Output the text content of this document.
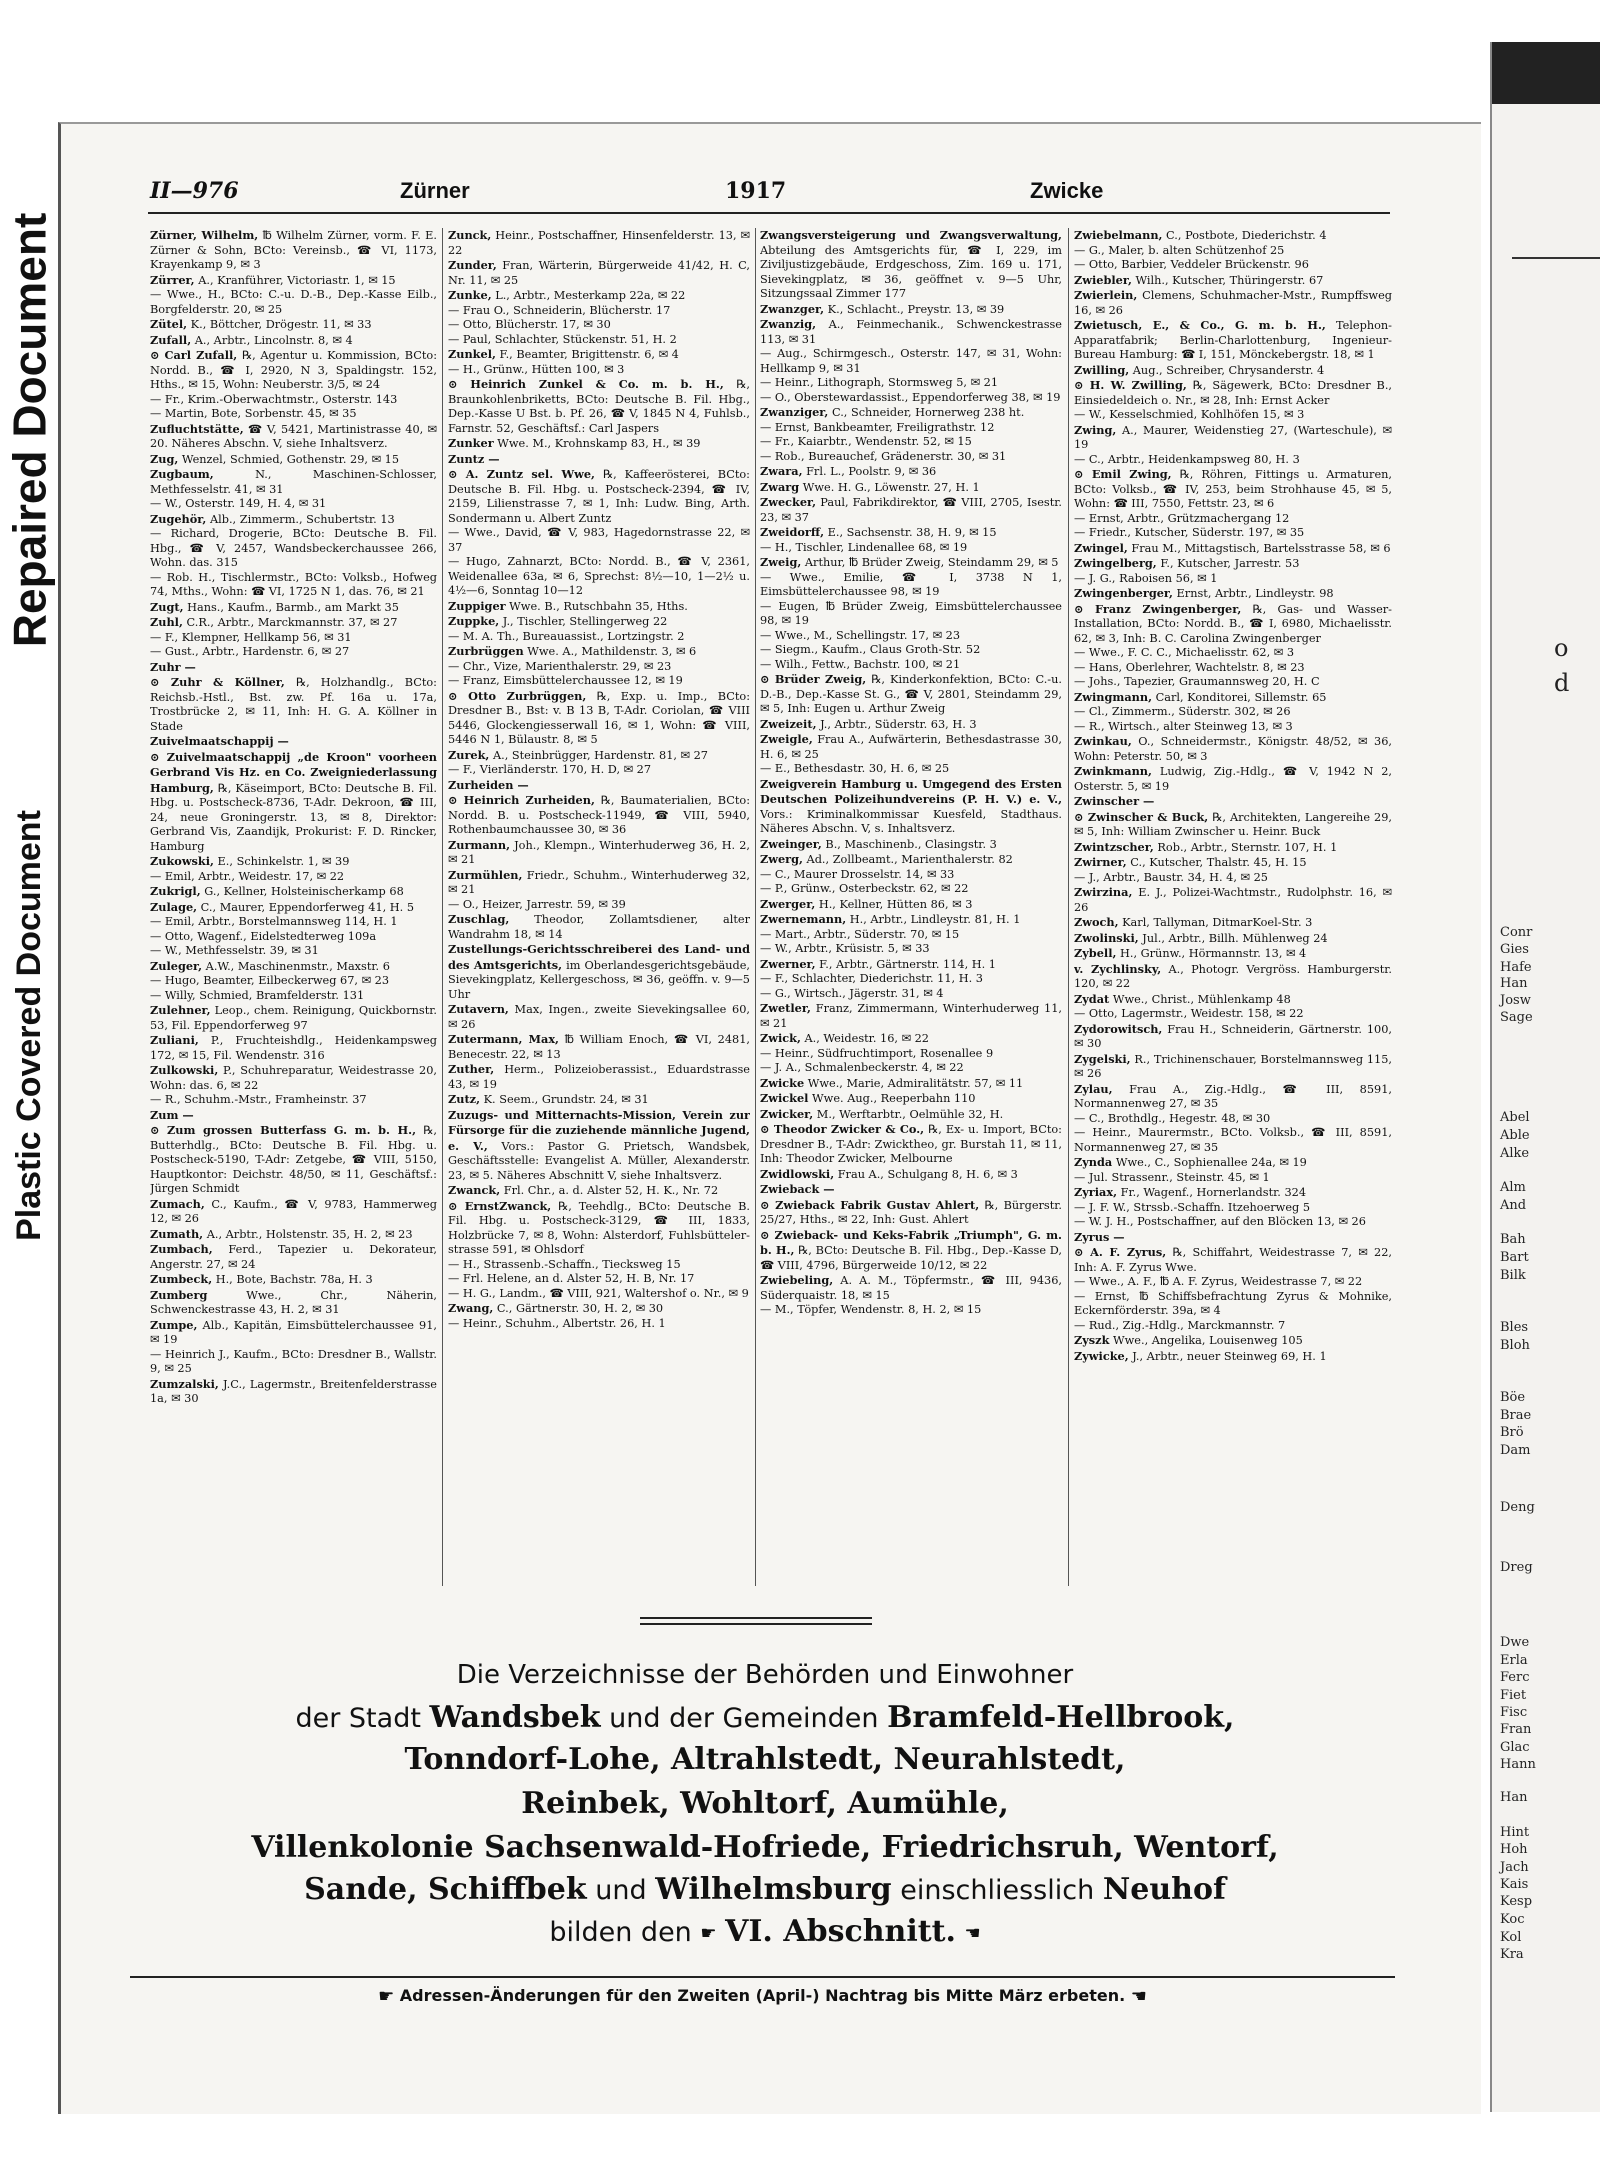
Repaired Document
Plastic Covered Document
o
d
Conr
Gies
Hafe
Han
Josw
Sage
Abel
Able
Alke
Alm
And
Bah
Bart
Bilk
Bles
Bloh
Böe
Brae
Brö
Dam
Deng
Dreg
Dwe
Erla
Ferc
Fiet
Fisc
Fran
Glac
Hann
Han
Hint
Hoh
Jach
Kais
Kesp
Koc
Kol
Kra
II—976	Zürner	1917	Zwicke

Zürner, Wilhelm, ℔ Wilhelm Zürner, vorm. F. E. Zürner & Sohn, BCto: Vereinsb., ☎ VI, 1173, Krayenkamp 9, ✉ 3

Zürrer, A., Kranführer, Victoriastr. 1, ✉ 15

— Wwe., H., BCto: C.-u. D.-B., Dep.-Kasse Eilb., Borgfelderstr. 20, ✉ 25

Zütel, K., Böttcher, Drögestr. 11, ✉ 33

Zufall, A., Arbtr., Lincolnstr. 8, ✉ 4

⊙ Carl Zufall, ℞, Agentur u. Kommission, BCto: Nordd. B., ☎ I, 2920, N 3, Spaldingstr. 152, Hths., ✉ 15, Wohn: Neuberstr. 3/5, ✉ 24

— Fr., Krim.-Oberwachtmstr., Osterstr. 143

— Martin, Bote, Sorbenstr. 45, ✉ 35

Zufluchtstätte, ☎ V, 5421, Martinistrasse 40, ✉ 20. Näheres Abschn. V, siehe Inhaltsverz.

Zug, Wenzel, Schmied, Gothenstr. 29, ✉ 15

Zugbaum, N., Maschinen-Schlosser, Methfesselstr. 41, ✉ 31

— W., Osterstr. 149, H. 4, ✉ 31

Zugehör, Alb., Zimmerm., Schubertstr. 13

— Richard, Drogerie, BCto: Deutsche B. Fil. Hbg., ☎ V, 2457, Wandsbeckerchaussee 266, Wohn. das. 315

— Rob. H., Tischlermstr., BCto: Volksb., Hofweg 74, Mths., Wohn: ☎ VI, 1725 N 1, das. 76, ✉ 21

Zugt, Hans., Kaufm., Barmb., am Markt 35

Zuhl, C.R., Arbtr., Marckmannstr. 37, ✉ 27

— F., Klempner, Hellkamp 56, ✉ 31

— Gust., Arbtr., Hardenstr. 6, ✉ 27

Zuhr —

⊙ Zuhr & Köllner, ℞, Holzhandlg., BCto: Reichsb.-Hstl., Bst. zw. Pf. 16a u. 17a, Trostbrücke 2, ✉ 11, Inh: H. G. A. Köllner in Stade

Zuivelmaatschappij —

⊙ Zuivelmaatschappij „de Kroon" voorheen Gerbrand Vis Hz. en Co. Zweigniederlassung Hamburg, ℞, Käseimport, BCto: Deutsche B. Fil. Hbg. u. Postscheck-8736, T-Adr. Dekroon, ☎ III, 24, neue Groningerstr. 13, ✉ 8, Direktor: Gerbrand Vis, Zaandijk, Prokurist: F. D. Rincker, Hamburg

Zukowski, E., Schinkelstr. 1, ✉ 39

— Emil, Arbtr., Weidestr. 17, ✉ 22

Zukrigl, G., Kellner, Holsteinischerkamp 68

Zulage, C., Maurer, Eppendorferweg 41, H. 5

— Emil, Arbtr., Borstelmannsweg 114, H. 1

— Otto, Wagenf., Eidelstedterweg 109a

— W., Methfesselstr. 39, ✉ 31

Zuleger, A.W., Maschinenmstr., Maxstr. 6

— Hugo, Beamter, Eilbeckerweg 67, ✉ 23

— Willy, Schmied, Bramfelderstr. 131

Zulehner, Leop., chem. Reinigung, Quickbornstr. 53, Fil. Eppendorferweg 97

Zuliani, P., Fruchteishdlg., Heidenkampsweg 172, ✉ 15, Fil. Wendenstr. 316

Zulkowski, P., Schuhreparatur, Weidestrasse 20, Wohn: das. 6, ✉ 22

— R., Schuhm.-Mstr., Framheinstr. 37

Zum —

⊙ Zum grossen Butterfass G. m. b. H., ℞, Butterhdlg., BCto: Deutsche B. Fil. Hbg. u. Postscheck-5190, T-Adr: Zetgebe, ☎ VIII, 5150, Hauptkontor: Deichstr. 48/50, ✉ 11, Geschäftsf.: Jürgen Schmidt

Zumach, C., Kaufm., ☎ V, 9783, Hammerweg 12, ✉ 26

Zumath, A., Arbtr., Holstenstr. 35, H. 2, ✉ 23

Zumbach, Ferd., Tapezier u. Dekorateur, Angerstr. 27, ✉ 24

Zumbeck, H., Bote, Bachstr. 78a, H. 3

Zumberg Wwe., Chr., Näherin, Schwenckestrasse 43, H. 2, ✉ 31

Zumpe, Alb., Kapitän, Eimsbüttelerchaussee 91, ✉ 19

— Heinrich J., Kaufm., BCto: Dresdner B., Wallstr. 9, ✉ 25

Zumzalski, J.C., Lagermstr., Breitenfelderstrasse 1a, ✉ 30

Zunck, Heinr., Postschaffner, Hinsenfelderstr. 13, ✉ 22

Zunder, Fran, Wärterin, Bürgerweide 41/42, H. C, Nr. 11, ✉ 25

Zunke, L., Arbtr., Mesterkamp 22a, ✉ 22

— Frau O., Schneiderin, Blücherstr. 17

— Otto, Blücherstr. 17, ✉ 30

— Paul, Schlachter, Stückenstr. 51, H. 2

Zunkel, F., Beamter, Brigittenstr. 6, ✉ 4

— H., Grünw., Hütten 100, ✉ 3

⊙ Heinrich Zunkel & Co. m. b. H., ℞, Braunkohlenbriketts, BCto: Deutsche B. Fil. Hbg., Dep.-Kasse U Bst. b. Pf. 26, ☎ V, 1845 N 4, Fuhlsb., Farnstr. 52, Geschäftsf.: Carl Jaspers

Zunker Wwe. M., Krohnskamp 83, H., ✉ 39

Zuntz —

⊙ A. Zuntz sel. Wwe, ℞, Kaffeerösterei, BCto: Deutsche B. Fil. Hbg. u. Postscheck-2394, ☎ IV, 2159, Lilienstrasse 7, ✉ 1, Inh: Ludw. Bing, Arth. Sondermann u. Albert Zuntz

— Wwe., David, ☎ V, 983, Hagedornstrasse 22, ✉ 37

— Hugo, Zahnarzt, BCto: Nordd. B., ☎ V, 2361, Weidenallee 63a, ✉ 6, Sprechst: 8½—10, 1—2½ u. 4½—6, Sonntag 10—12

Zuppiger Wwe. B., Rutschbahn 35, Hths.

Zuppke, J., Tischler, Stellingerweg 22

— M. A. Th., Bureauassist., Lortzingstr. 2

Zurbrüggen Wwe. A., Mathildenstr. 3, ✉ 6

— Chr., Vize, Marienthalerstr. 29, ✉ 23

— Franz, Eimsbüttelerchaussee 12, ✉ 19

⊙ Otto Zurbrüggen, ℞, Exp. u. Imp., BCto: Dresdner B., Bst: v. B 13 B, T-Adr. Coriolan, ☎ VIII 5446, Glockengiesserwall 16, ✉ 1, Wohn: ☎ VIII, 5446 N 1, Bülaustr. 8, ✉ 5

Zurek, A., Steinbrügger, Hardenstr. 81, ✉ 27

— F., Vierländerstr. 170, H. D, ✉ 27

Zurheiden —

⊙ Heinrich Zurheiden, ℞, Baumaterialien, BCto: Nordd. B. u. Postscheck-11949, ☎ VIII, 5940, Rothenbaumchaussee 30, ✉ 36

Zurmann, Joh., Klempn., Winterhuderweg 36, H. 2, ✉ 21

Zurmühlen, Friedr., Schuhm., Winterhuderweg 32, ✉ 21

— O., Heizer, Jarrestr. 59, ✉ 39

Zuschlag, Theodor, Zollamtsdiener, alter Wandrahm 18, ✉ 14

Zustellungs-Gerichtsschreiberei des Land- und des Amtsgerichts, im Oberlandesgerichtsgebäude, Sievekingplatz, Kellergeschoss, ✉ 36, geöffn. v. 9—5 Uhr

Zutavern, Max, Ingen., zweite Sievekingsallee 60, ✉ 26

Zutermann, Max, ℔ William Enoch, ☎ VI, 2481, Benecestr. 22, ✉ 13

Zuther, Herm., Polizeioberassist., Eduardstrasse 43, ✉ 19

Zutz, K. Seem., Grundstr. 24, ✉ 31

Zuzugs- und Mitternachts-Mission, Verein zur Fürsorge für die zuziehende männliche Jugend, e. V., Vors.: Pastor G. Prietsch, Wandsbek, Geschäftsstelle: Evangelist A. Müller, Alexanderstr. 23, ✉ 5. Näheres Abschnitt V, siehe Inhaltsverz.

Zwanck, Frl. Chr., a. d. Alster 52, H. K., Nr. 72

⊙ ErnstZwanck, ℞, Teehdlg., BCto: Deutsche B. Fil. Hbg. u. Postscheck-3129, ☎ III, 1833, Holzbrücke 7, ✉ 8, Wohn: Alsterdorf, Fuhlsbütteler-strasse 591, ✉ Ohlsdorf

— H., Strassenb.-Schaffn., Tiecksweg 15

— Frl. Helene, an d. Alster 52, H. B, Nr. 17

— H. G., Landm., ☎ VIII, 921, Waltershof o. Nr., ✉ 9

Zwang, C., Gärtnerstr. 30, H. 2, ✉ 30

— Heinr., Schuhm., Albertstr. 26, H. 1

Zwangsversteigerung und Zwangsverwaltung, Abteilung des Amtsgerichts für, ☎ I, 229, im Ziviljustizgebäude, Erdgeschoss, Zim. 169 u. 171, Sievekingplatz, ✉ 36, geöffnet v. 9—5 Uhr, Sitzungssaal Zimmer 177

Zwanzger, K., Schlacht., Preystr. 13, ✉ 39

Zwanzig, A., Feinmechanik., Schwenckestrasse 113, ✉ 31

— Aug., Schirmgesch., Osterstr. 147, ✉ 31, Wohn: Hellkamp 9, ✉ 31

— Heinr., Lithograph, Stormsweg 5, ✉ 21

— O., Oberstewardassist., Eppendorferweg 38, ✉ 19

Zwanziger, C., Schneider, Hornerweg 238 ht.

— Ernst, Bankbeamter, Freiligrathstr. 12

— Fr., Kaiarbtr., Wendenstr. 52, ✉ 15

— Rob., Bureauchef, Grädenerstr. 30, ✉ 31

Zwara, Frl. L., Poolstr. 9, ✉ 36

Zwarg Wwe. H. G., Löwenstr. 27, H. 1

Zwecker, Paul, Fabrikdirektor, ☎ VIII, 2705, Isestr. 23, ✉ 37

Zweidorff, E., Sachsenstr. 38, H. 9, ✉ 15

— H., Tischler, Lindenallee 68, ✉ 19

Zweig, Arthur, ℔ Brüder Zweig, Steindamm 29, ✉ 5

— Wwe., Emilie, ☎ I, 3738 N 1, Eimsbüttelerchaussee 98, ✉ 19

— Eugen, ℔ Brüder Zweig, Eimsbüttelerchaussee 98, ✉ 19

— Wwe., M., Schellingstr. 17, ✉ 23

— Siegm., Kaufm., Claus Groth-Str. 52

— Wilh., Fettw., Bachstr. 100, ✉ 21

⊙ Brüder Zweig, ℞, Kinderkonfektion, BCto: C.-u. D.-B., Dep.-Kasse St. G., ☎ V, 2801, Steindamm 29, ✉ 5, Inh: Eugen u. Arthur Zweig

Zweizeit, J., Arbtr., Süderstr. 63, H. 3

Zweigle, Frau A., Aufwärterin, Bethesdastrasse 30, H. 6, ✉ 25

— E., Bethesdastr. 30, H. 6, ✉ 25

Zweigverein Hamburg u. Umgegend des Ersten Deutschen Polizeihundvereins (P. H. V.) e. V., Vors.: Kriminalkommissar Kuesfeld, Stadthaus. Näheres Abschn. V, s. Inhaltsverz.

Zweinger, B., Maschinenb., Clasingstr. 3

Zwerg, Ad., Zollbeamt., Marienthalerstr. 82

— C., Maurer Drosselstr. 14, ✉ 33

— P., Grünw., Osterbeckstr. 62, ✉ 22

Zwerger, H., Kellner, Hütten 86, ✉ 3

Zwernemann, H., Arbtr., Lindleystr. 81, H. 1

— Mart., Arbtr., Süderstr. 70, ✉ 15

— W., Arbtr., Krüsistr. 5, ✉ 33

Zwerner, F., Arbtr., Gärtnerstr. 114, H. 1

— F., Schlachter, Diederichstr. 11, H. 3

— G., Wirtsch., Jägerstr. 31, ✉ 4

Zwetler, Franz, Zimmermann, Winterhuderweg 11, ✉ 21

Zwick, A., Weidestr. 16, ✉ 22

— Heinr., Südfruchtimport, Rosenallee 9

— J. A., Schmalenbeckerstr. 4, ✉ 22

Zwicke Wwe., Marie, Admiralitätstr. 57, ✉ 11

Zwickel Wwe. Aug., Reeperbahn 110

Zwicker, M., Werftarbtr., Oelmühle 32, H.

⊙ Theodor Zwicker & Co., ℞, Ex- u. Import, BCto: Dresdner B., T-Adr: Zwicktheo, gr. Burstah 11, ✉ 11, Inh: Theodor Zwicker, Melbourne

Zwidlowski, Frau A., Schulgang 8, H. 6, ✉ 3

Zwieback —

⊙ Zwieback Fabrik Gustav Ahlert, ℞, Bürgerstr. 25/27, Hths., ✉ 22, Inh: Gust. Ahlert

⊙ Zwieback- und Keks-Fabrik „Triumph", G. m. b. H., ℞, BCto: Deutsche B. Fil. Hbg., Dep.-Kasse D, ☎ VIII, 4796, Bürgerweide 10/12, ✉ 22

Zwiebeling, A. A. M., Töpfermstr., ☎ III, 9436, Süderquaistr. 18, ✉ 15

— M., Töpfer, Wendenstr. 8, H. 2, ✉ 15

Zwiebelmann, C., Postbote, Diederichstr. 4

— G., Maler, b. alten Schützenhof 25

— Otto, Barbier, Veddeler Brückenstr. 96

Zwiebler, Wilh., Kutscher, Thüringerstr. 67

Zwierlein, Clemens, Schuhmacher-Mstr., Rumpffsweg 16, ✉ 26

Zwietusch, E., & Co., G. m. b. H., Telephon-Apparatfabrik; Berlin-Charlottenburg, Ingenieur-Bureau Hamburg: ☎ I, 151, Mönckebergstr. 18, ✉ 1

Zwilling, Aug., Schreiber, Chrysanderstr. 4

⊙ H. W. Zwilling, ℞, Sägewerk, BCto: Dresdner B., Einsiedeldeich o. Nr., ✉ 28, Inh: Ernst Acker

— W., Kesselschmied, Kohlhöfen 15, ✉ 3

Zwing, A., Maurer, Weidenstieg 27, (Warteschule), ✉ 19

— C., Arbtr., Heidenkampsweg 80, H. 3

⊙ Emil Zwing, ℞, Röhren, Fittings u. Armaturen, BCto: Volksb., ☎ IV, 253, beim Strohhause 45, ✉ 5, Wohn: ☎ III, 7550, Fettstr. 23, ✉ 6

— Ernst, Arbtr., Grützmachergang 12

— Friedr., Kutscher, Süderstr. 197, ✉ 35

Zwingel, Frau M., Mittagstisch, Bartelsstrasse 58, ✉ 6

Zwingelberg, F., Kutscher, Jarrestr. 53

— J. G., Raboisen 56, ✉ 1

Zwingenberger, Ernst, Arbtr., Lindleystr. 98

⊙ Franz Zwingenberger, ℞, Gas- und Wasser-Installation, BCto: Nordd. B., ☎ I, 6980, Michaelisstr. 62, ✉ 3, Inh: B. C. Carolina Zwingenberger

— Wwe., F. C. C., Michaelisstr. 62, ✉ 3

— Hans, Oberlehrer, Wachtelstr. 8, ✉ 23

— Johs., Tapezier, Graumannsweg 20, H. C

Zwingmann, Carl, Konditorei, Sillemstr. 65

— Cl., Zimmerm., Süderstr. 302, ✉ 26

— R., Wirtsch., alter Steinweg 13, ✉ 3

Zwinkau, O., Schneidermstr., Königstr. 48/52, ✉ 36, Wohn: Peterstr. 50, ✉ 3

Zwinkmann, Ludwig, Zig.-Hdlg., ☎ V, 1942 N 2, Osterstr. 5, ✉ 19

Zwinscher —

⊙ Zwinscher & Buck, ℞, Architekten, Langereihe 29, ✉ 5, Inh: William Zwinscher u. Heinr. Buck

Zwintzscher, Rob., Arbtr., Sternstr. 107, H. 1

Zwirner, C., Kutscher, Thalstr. 45, H. 15

— J., Arbtr., Baustr. 34, H. 4, ✉ 25

Zwirzina, E. J., Polizei-Wachtmstr., Rudolphstr. 16, ✉ 26

Zwoch, Karl, Tallyman, DitmarKoel-Str. 3

Zwolinski, Jul., Arbtr., Billh. Mühlenweg 24

Zybell, H., Grünw., Hörmannstr. 13, ✉ 4

v. Zychlinsky, A., Photogr. Vergröss. Hamburgerstr. 120, ✉ 22

Zydat Wwe., Christ., Mühlenkamp 48

— Otto, Lagermstr., Weidestr. 158, ✉ 22

Zydorowitsch, Frau H., Schneiderin, Gärtnerstr. 100, ✉ 30

Zygelski, R., Trichinenschauer, Borstelmannsweg 115, ✉ 26

Zylau, Frau A., Zig.-Hdlg., ☎ III, 8591, Normannenweg 27, ✉ 35

— C., Brothdlg., Hegestr. 48, ✉ 30

— Heinr., Maurermstr., BCto. Volksb., ☎ III, 8591, Normannenweg 27, ✉ 35

Zynda Wwe., C., Sophienallee 24a, ✉ 19

— Jul. Strassenr., Steinstr. 45, ✉ 1

Zyriax, Fr., Wagenf., Hornerlandstr. 324

— J. F. W., Strssb.-Schaffn. Itzehoerweg 5

— W. J. H., Postschaffner, auf den Blöcken 13, ✉ 26

Zyrus —

⊙ A. F. Zyrus, ℞, Schiffahrt, Weidestrasse 7, ✉ 22, Inh: A. F. Zyrus Wwe.

— Wwe., A. F., ℔ A. F. Zyrus, Weidestrasse 7, ✉ 22

— Ernst, ℔ Schiffsbefrachtung Zyrus & Mohnike, Eckernförderstr. 39a, ✉ 4

— Rud., Zig.-Hdlg., Marckmannstr. 7

Zyszk Wwe., Angelika, Louisenweg 105

Zywicke, J., Arbtr., neuer Steinweg 69, H. 1

Die Verzeichnisse der Behörden und Einwohner
der Stadt Wandsbek und der Gemeinden Bramfeld-Hellbrook,
Tonndorf-Lohe, Altrahlstedt, Neurahlstedt,
Reinbek, Wohltorf, Aumühle,
Villenkolonie Sachsenwald-Hofriede, Friedrichsruh, Wentorf,
Sande, Schiffbek und Wilhelmsburg einschliesslich Neuhof
bilden den ☛ VI. Abschnitt. ☚
☛ Adressen-Änderungen für den Zweiten (April-) Nachtrag bis Mitte März erbeten. ☚
